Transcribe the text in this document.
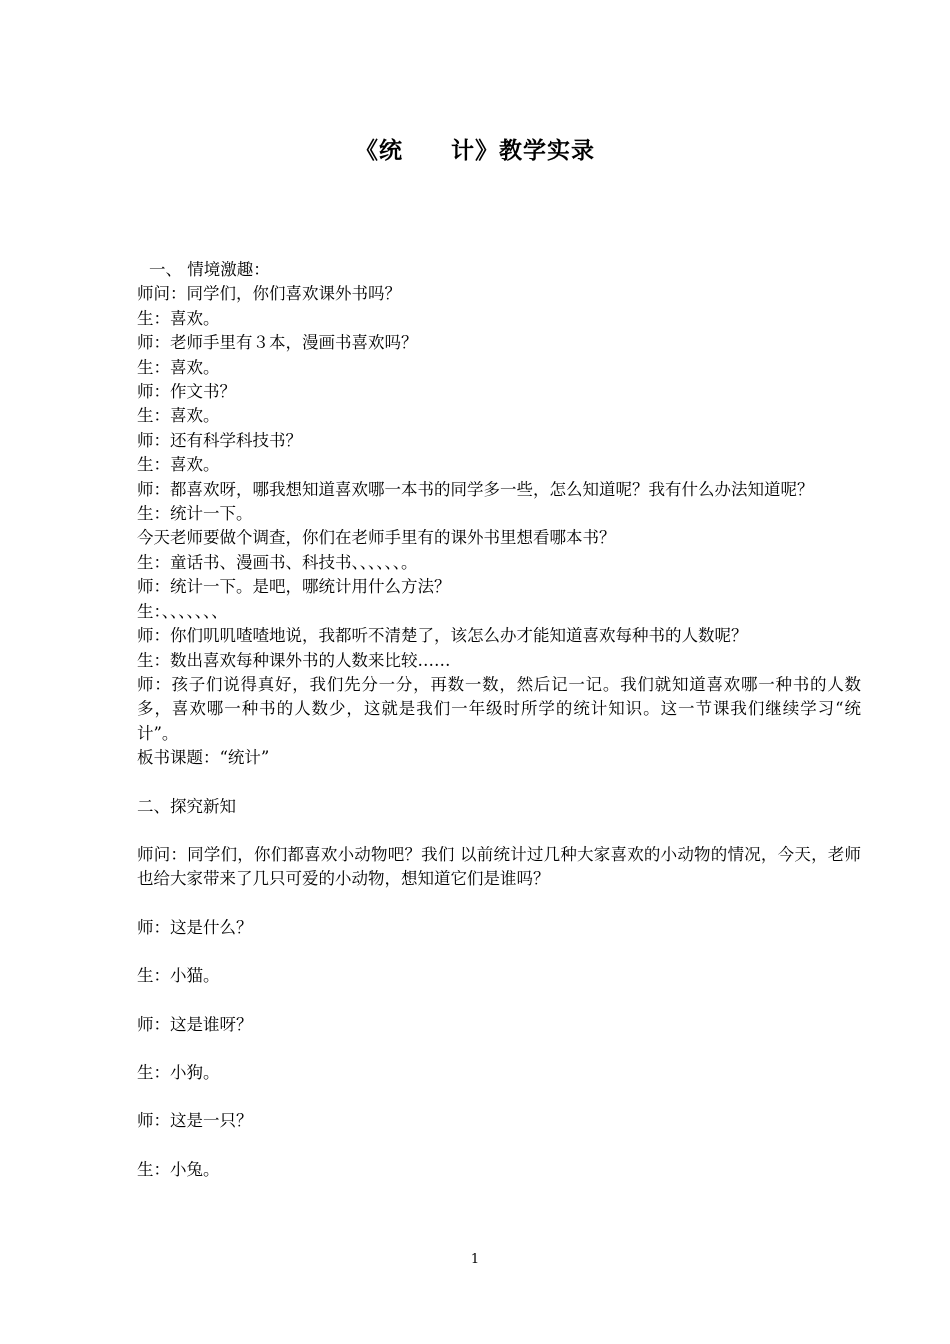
《统　　计》教学实录

一、 情境激趣：

师问：同学们，你们喜欢课外书吗？

生：喜欢。

师：老师手里有３本，漫画书喜欢吗？

生：喜欢。

师：作文书？

生：喜欢。

师：还有科学科技书？

生：喜欢。

师：都喜欢呀，哪我想知道喜欢哪一本书的同学多一些，怎么知道呢？我有什么办法知道呢？

生：统计一下。

今天老师要做个调查，你们在老师手里有的课外书里想看哪本书？

生：童话书、漫画书、科技书、、、、、、。

师：统计一下。是吧，哪统计用什么方法？

生：、、、、、、、

师：你们叽叽喳喳地说，我都听不清楚了，该怎么办才能知道喜欢每种书的人数呢？

生：数出喜欢每种课外书的人数来比较……

师：孩子们说得真好，我们先分一分，再数一数，然后记一记。我们就知道喜欢哪一种书的人数多，喜欢哪一种书的人数少，这就是我们一年级时所学的统计知识。这一节课我们继续学习“统计”。

板书课题：“统计”

二、探究新知

师问：同学们，你们都喜欢小动物吧？我们 以前统计过几种大家喜欢的小动物的情况，今天，老师也给大家带来了几只可爱的小动物，想知道它们是谁吗？

师：这是什么？

生：小猫。

师：这是谁呀？

生：小狗。

师：这是一只？

生：小兔。

1
